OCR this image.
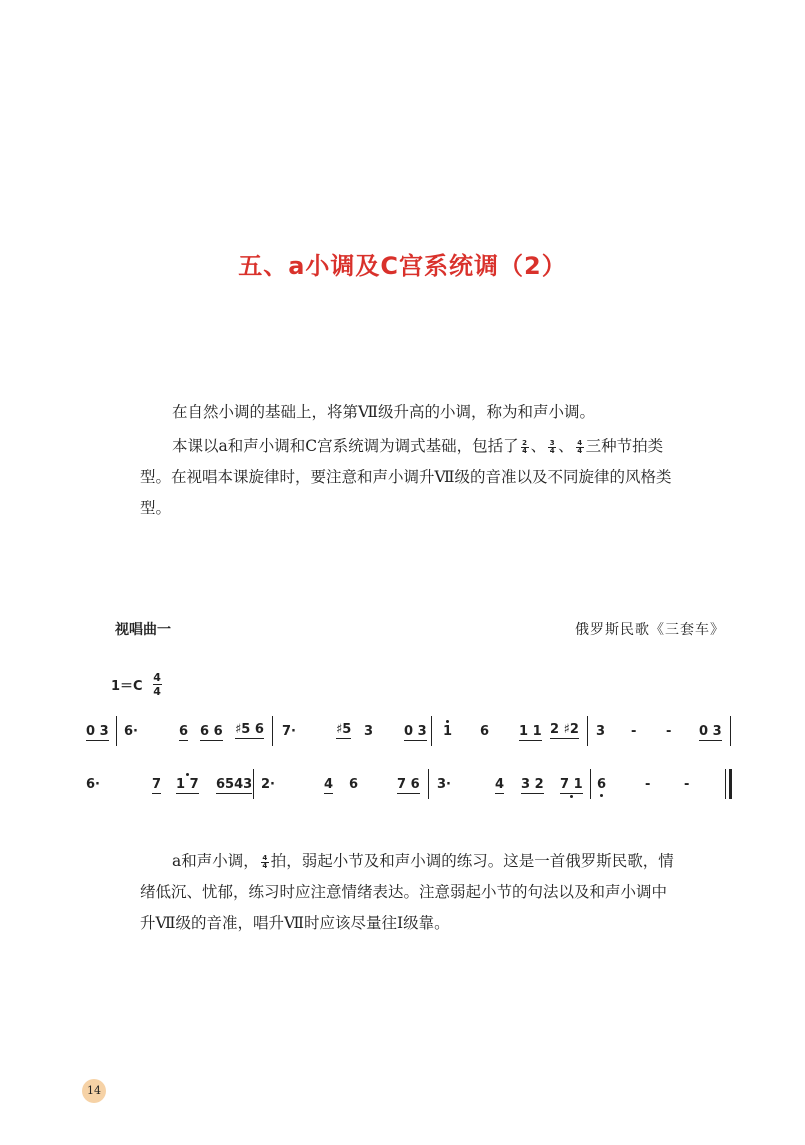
五、a小调及C宫系统调（2）
在自然小调的基础上，将第Ⅶ级升高的小调，称为和声小调。
本课以a和声小调和C宫系统调为调式基础，包括了 $\frac{2}{4}$ 、 $\frac{3}{4}$ 、 $\frac{4}{4}$ 三种节拍类型。在视唱本课旋律时，要注意和声小调升Ⅶ级的音准以及不同旋律的风格类型。
视唱曲一	俄罗斯民歌《三套车》
$1=C \frac{4}{4}$
0 3 6·	6 6 6 ♯5 6 7·	♯5 3 0 3 1 6 1 1 2 ♯2 3 - - 0 3
6·	7 1 7 6543 2·	4 6	7 6 3·	4 3 2 7 1 6	-	-
a和声小调， $\frac{4}{4}$ 拍，弱起小节及和声小调的练习。这是一首俄罗斯民歌，情绪低沉、忧郁，练习时应注意情绪表达。注意弱起小节的句法以及和声小调中升Ⅶ级的音准，唱升Ⅶ时应该尽量往Ⅰ级靠。
14
